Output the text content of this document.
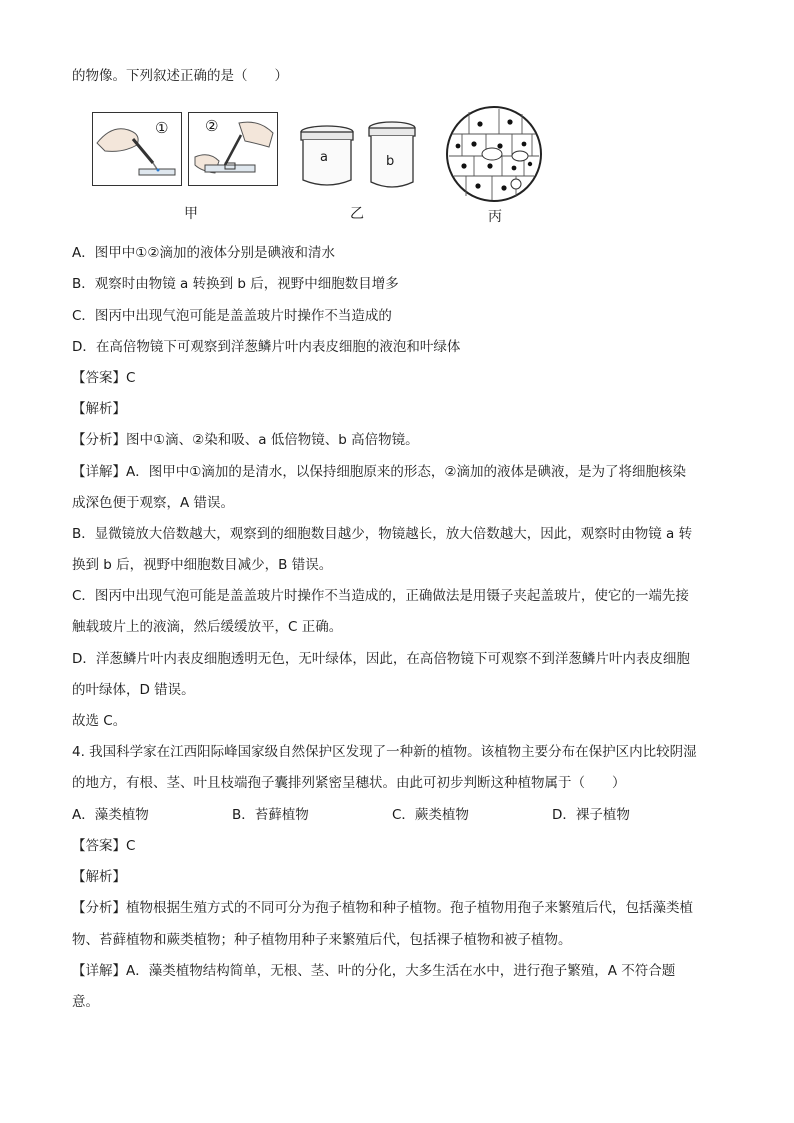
的物像。下列叙述正确的是（　　）
① ②
甲
a	b
乙	丙
A．图甲中①②滴加的液体分别是碘液和清水
B．观察时由物镜 a 转换到 b 后，视野中细胞数目增多
C．图丙中出现气泡可能是盖盖玻片时操作不当造成的
D．在高倍物镜下可观察到洋葱鳞片叶内表皮细胞的液泡和叶绿体
【答案】C
【解析】
【分析】图中①滴、②染和吸、a 低倍物镜、b 高倍物镜。
【详解】A．图甲中①滴加的是清水，以保持细胞原来的形态，②滴加的液体是碘液，是为了将细胞核染
成深色便于观察，A 错误。
B．显微镜放大倍数越大，观察到的细胞数目越少，物镜越长，放大倍数越大，因此，观察时由物镜 a 转
换到 b 后，视野中细胞数目减少，B 错误。
C．图丙中出现气泡可能是盖盖玻片时操作不当造成的，正确做法是用镊子夹起盖玻片，使它的一端先接
触载玻片上的液滴，然后缓缓放平，C 正确。
D．洋葱鳞片叶内表皮细胞透明无色，无叶绿体，因此，在高倍物镜下可观察不到洋葱鳞片叶内表皮细胞
的叶绿体，D 错误。
故选 C。
4. 我国科学家在江西阳际峰国家级自然保护区发现了一种新的植物。该植物主要分布在保护区内比较阴湿
的地方，有根、茎、叶且枝端孢子囊排列紧密呈穗状。由此可初步判断这种植物属于（　　）
A．藻类植物	B．苔藓植物	C．蕨类植物	D．裸子植物
【答案】C
【解析】
【分析】植物根据生殖方式的不同可分为孢子植物和种子植物。孢子植物用孢子来繁殖后代，包括藻类植
物、苔藓植物和蕨类植物；种子植物用种子来繁殖后代，包括裸子植物和被子植物。
【详解】A．藻类植物结构简单，无根、茎、叶的分化，大多生活在水中，进行孢子繁殖，A 不符合题
意。
